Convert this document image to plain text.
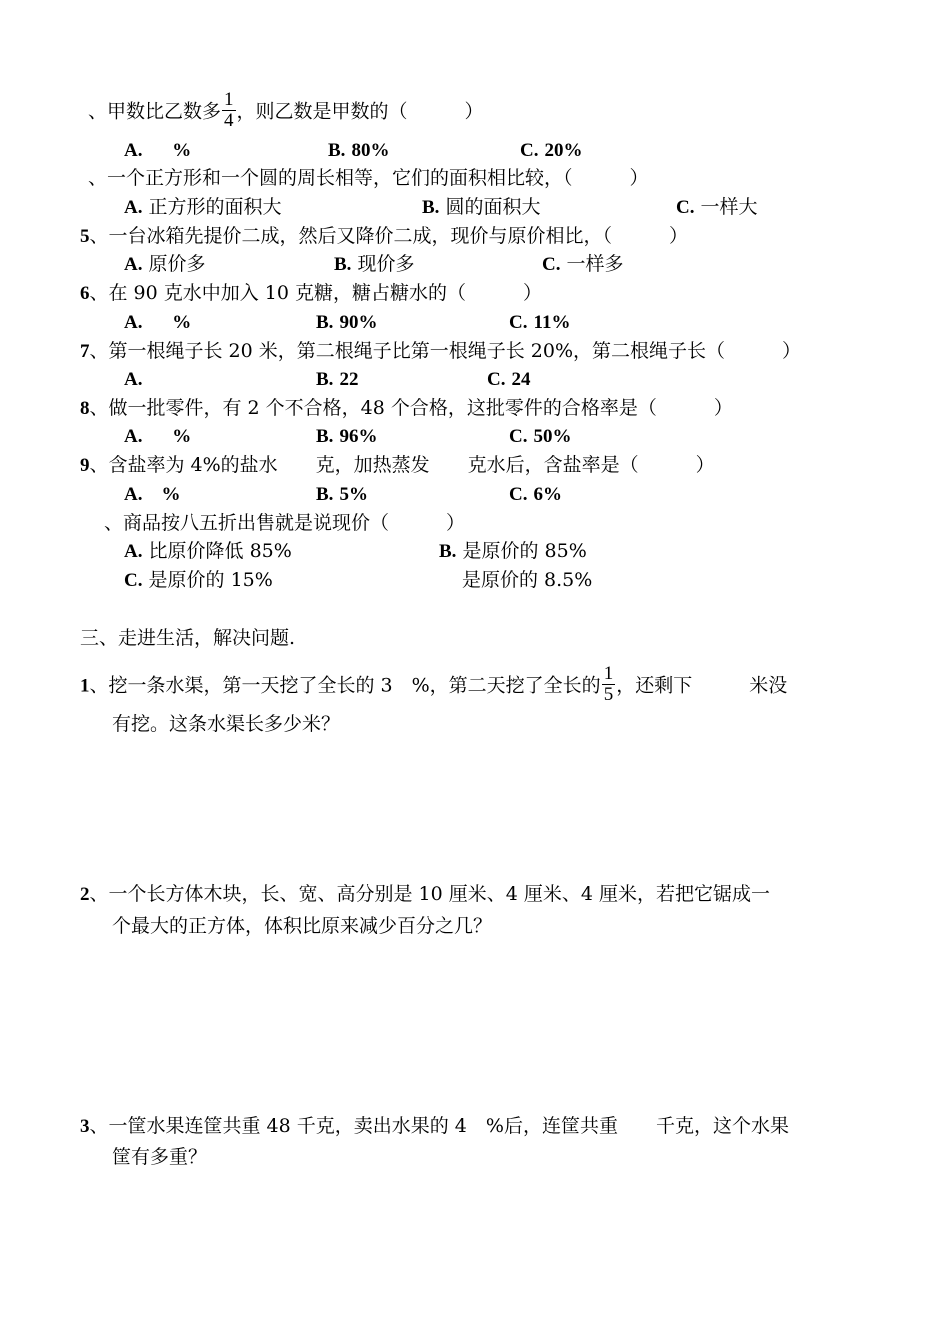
、甲数比乙数多 $\frac{1}{4}$ ，则乙数是甲数的（　　　）
A. 　 %	B. 80%	C. 20%
、一个正方形和一个圆的周长相等，它们的面积相比较，（　　　）
A. 正方形的面积大	B. 圆的面积大	C. 一样大
5、一台冰箱先提价二成，然后又降价二成，现价与原价相比，（　　　）
A. 原价多	B. 现价多	C. 一样多
6、在 90 克水中加入 10 克糖，糖占糖水的（　　　）
A. 　 %	B. 90%	C. 11%
7、第一根绳子长 20 米，第二根绳子比第一根绳子长 20%，第二根绳子长（　　　）
A.	B. 22	C. 24
8、做一批零件，有 2 个不合格，48 个合格，这批零件的合格率是（　　　）
A. 　 %	B. 96%	C. 50%
9、含盐率为 4%的盐水　　克，加热蒸发　　克水后，含盐率是（　　　）
A.　 %	B. 5%	C. 6%
、商品按八五折出售就是说现价（　　　）
A. 比原价降低 85%	B. 是原价的 85%
C. 是原价的 15%	是原价的 8.5%
三、走进生活，解决问题.
1、挖一条水渠，第一天挖了全长的 3　%，第二天挖了全长的 $\frac{1}{5}$ ，还剩下　　　米没
有挖。这条水渠长多少米？
2、一个长方体木块，长、宽、高分别是 10 厘米、4 厘米、4 厘米，若把它锯成一
个最大的正方体，体积比原来减少百分之几？
3、一筐水果连筐共重 48 千克，卖出水果的 4　%后，连筐共重　　千克，这个水果
筐有多重？
